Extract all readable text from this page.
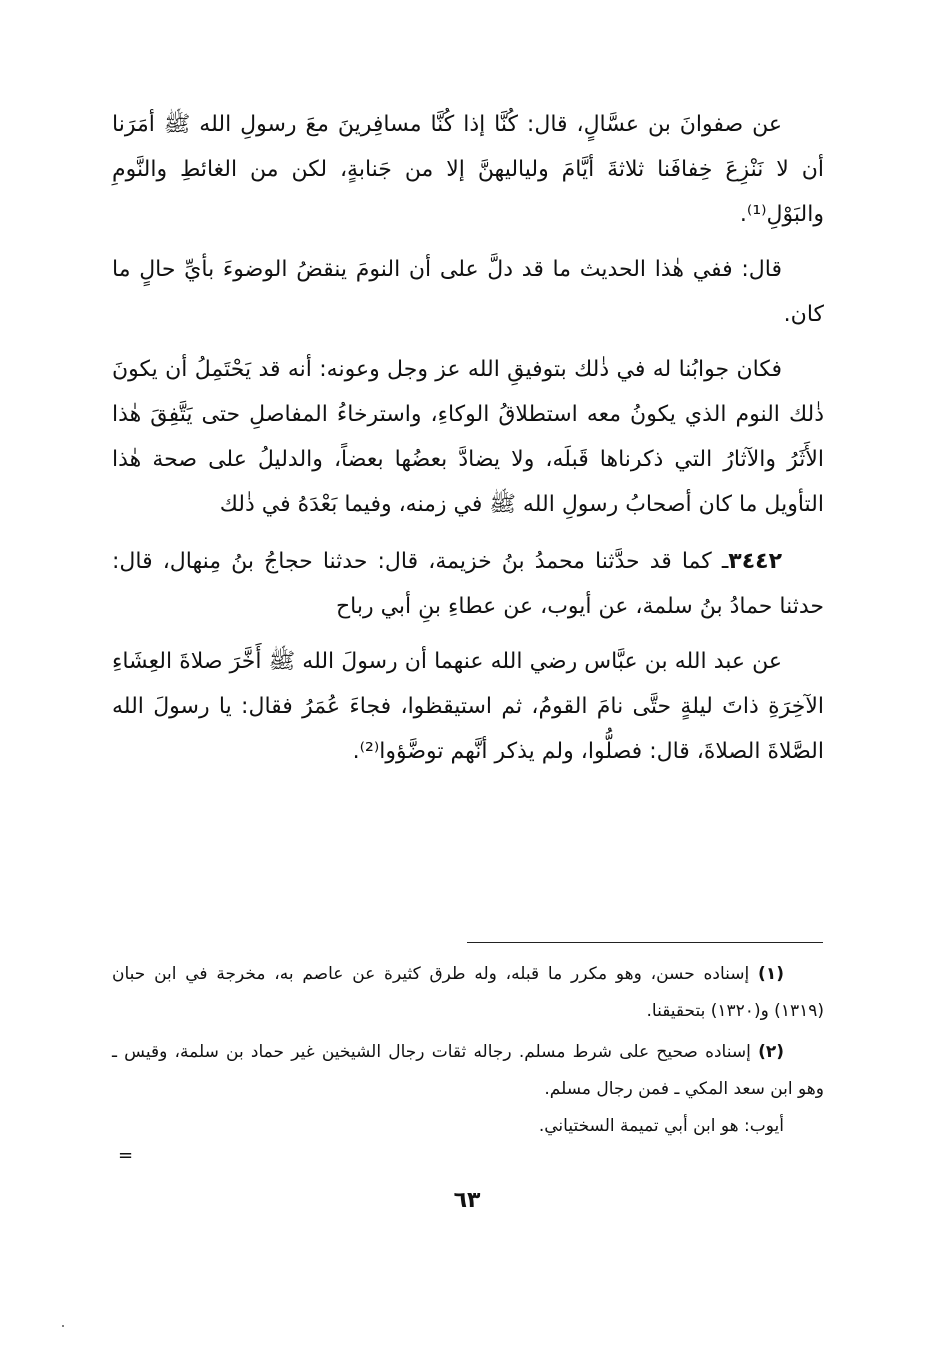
عن صفوانَ بن عسَّالٍ، قال: كُنَّا إذا كُنَّا مسافِرينَ معَ رسولِ الله ﷺ أمَرَنا أن لا نَنْزِعَ خِفافَنا ثلاثةَ أيَّامَ ولياليهنَّ إلا من جَنابةٍ، لكن من الغائطِ والنَّومِ والبَوْلِ⁽¹⁾.

قال: ففي هٰذا الحديث ما قد دلَّ على أن النومَ ينقضُ الوضوءَ بأيِّ حالٍ ما كان.

فكان جوابُنا له في ذٰلك بتوفيقِ الله عز وجل وعونه: أنه قد يَحْتَمِلُ أن يكونَ ذٰلك النوم الذي يكونُ معه استطلاقُ الوكاءِ، واسترخاءُ المفاصلِ حتى يَتَّفِقَ هٰذا الأَثَرُ والآثارُ التي ذكرناها قَبلَه، ولا يضادَّ بعضُها بعضاً، والدليلُ على صحة هٰذا التأويل ما كان أصحابُ رسولِ الله ﷺ في زمنه، وفيما بَعْدَهُ في ذٰلك

٣٤٤٢ـ كما قد حدَّثنا محمدُ بنُ خزيمة، قال: حدثنا حجاجُ بنُ مِنهال، قال: حدثنا حمادُ بنُ سلمة، عن أيوب، عن عطاءِ بنِ أبي رباح

عن عبد الله بن عبَّاس رضي الله عنهما أن رسولَ الله ﷺ أَخَّرَ صلاةَ العِشَاءِ الآخِرَةِ ذاتَ ليلةٍ حتَّى نامَ القومُ، ثم استيقظوا، فجاءَ عُمَرُ فقال: يا رسولَ الله الصَّلاةَ الصلاةَ، قال: فصلُّوا، ولم يذكر أنَّهم توضَّؤوا⁽²⁾.

(١) إسناده حسن، وهو مكرر ما قبله، وله طرق كثيرة عن عاصم به، مخرجة في ابن حبان (١٣١٩) و(١٣٢٠) بتحقيقنا.

(٢) إسناده صحيح على شرط مسلم. رجاله ثقات رجال الشيخين غير حماد بن سلمة، وقيس ـ وهو ابن سعد المكي ـ فمن رجال مسلم.

أيوب: هو ابن أبي تميمة السختياني.

=
٦٣
